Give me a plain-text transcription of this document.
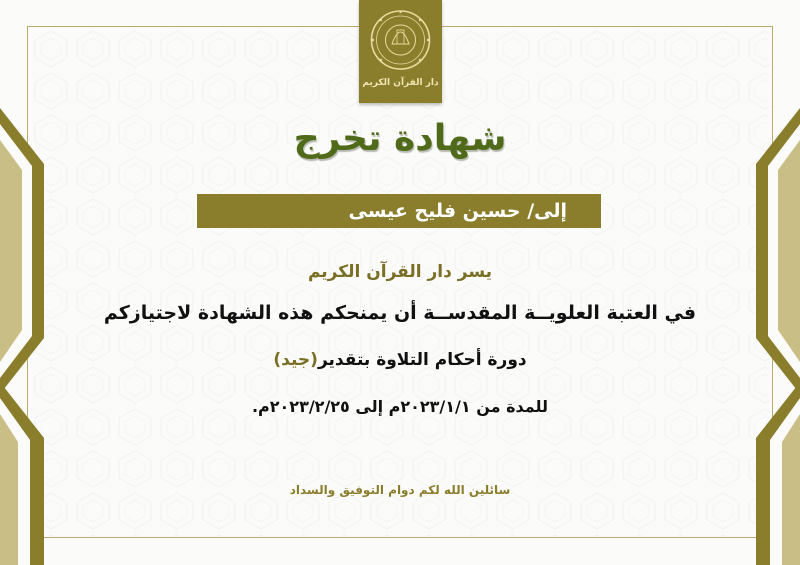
دار القرآن الكريم
شهادة تخرج
إلى/ حسين فليح عيسى
يسر دار القرآن الكريم
في العتبة العلويــة المقدســة أن يمنحكم هذه الشهادة لاجتيازكم
دورة أحكام التلاوة بتقدير(جيد)
للمدة من ٢٠٢٣/١/١م إلى ٢٠٢٣/٢/٢٥م.
سائلين الله لكم دوام التوفيق والسداد
